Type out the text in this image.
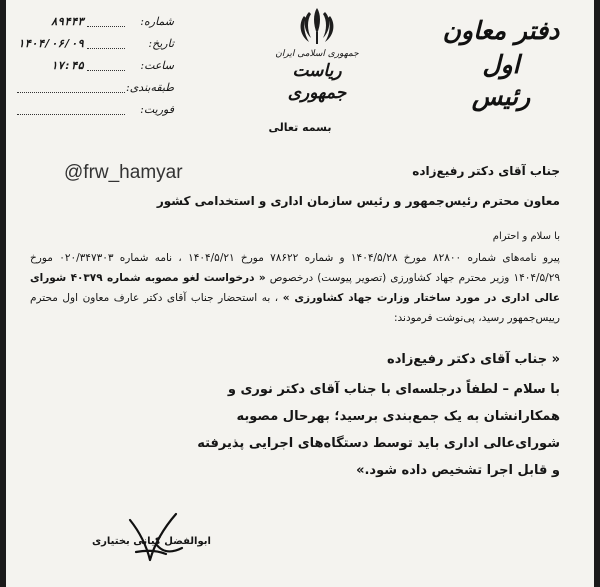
دفتر معاون اول
رئیس
جمهوری اسلامی ایران
ریاست جمهوری
شماره:
۸۹۴۴۳
تاریخ:
۱۴۰۴/۰۶/۰۹
ساعت:
۱۷:۴۵
طبقه‌بندی:
فوریت:
بسمه تعالی
@frw_hamyar	جناب آقای دکتر رفیع‌زاده
معاون محترم رئیس‌جمهور و رئیس سازمان اداری و استخدامی کشور
با سلام و احترام
پیرو نامه‌های شماره ۸۲۸۰۰ مورخ ۱۴۰۴/۵/۲۸ و شماره ۷۸۶۲۲ مورخ ۱۴۰۴/۵/۲۱ ، نامه شماره ۰۲۰/۳۴۷۳۰۳ مورخ ۱۴۰۴/۵/۲۹ وزیر محترم جهاد کشاورزی (تصویر پیوست) درخصوص « درخواست لغو مصوبه شماره ۴۰۳۷۹ شورای عالی اداری در مورد ساختار وزارت جهاد کشاورزی » ، به استحضار جناب آقای دکتر عارف معاون اول محترم رییس‌جمهور رسید، پی‌نوشت فرمودند:
« جناب آقای دکتر رفیع‌زاده
با سلام – لطفاً درجلسه‌ای با جناب آقای دکتر نوری و
همکارانشان به یک جمع‌بندی برسید؛ بهرحال مصوبه
شورای‌عالی اداری باید توسط دستگاه‌های اجرایی پذیرفته
و قابل اجرا تشخیص داده شود.»
ابوالفضل کیانی بختیاری
